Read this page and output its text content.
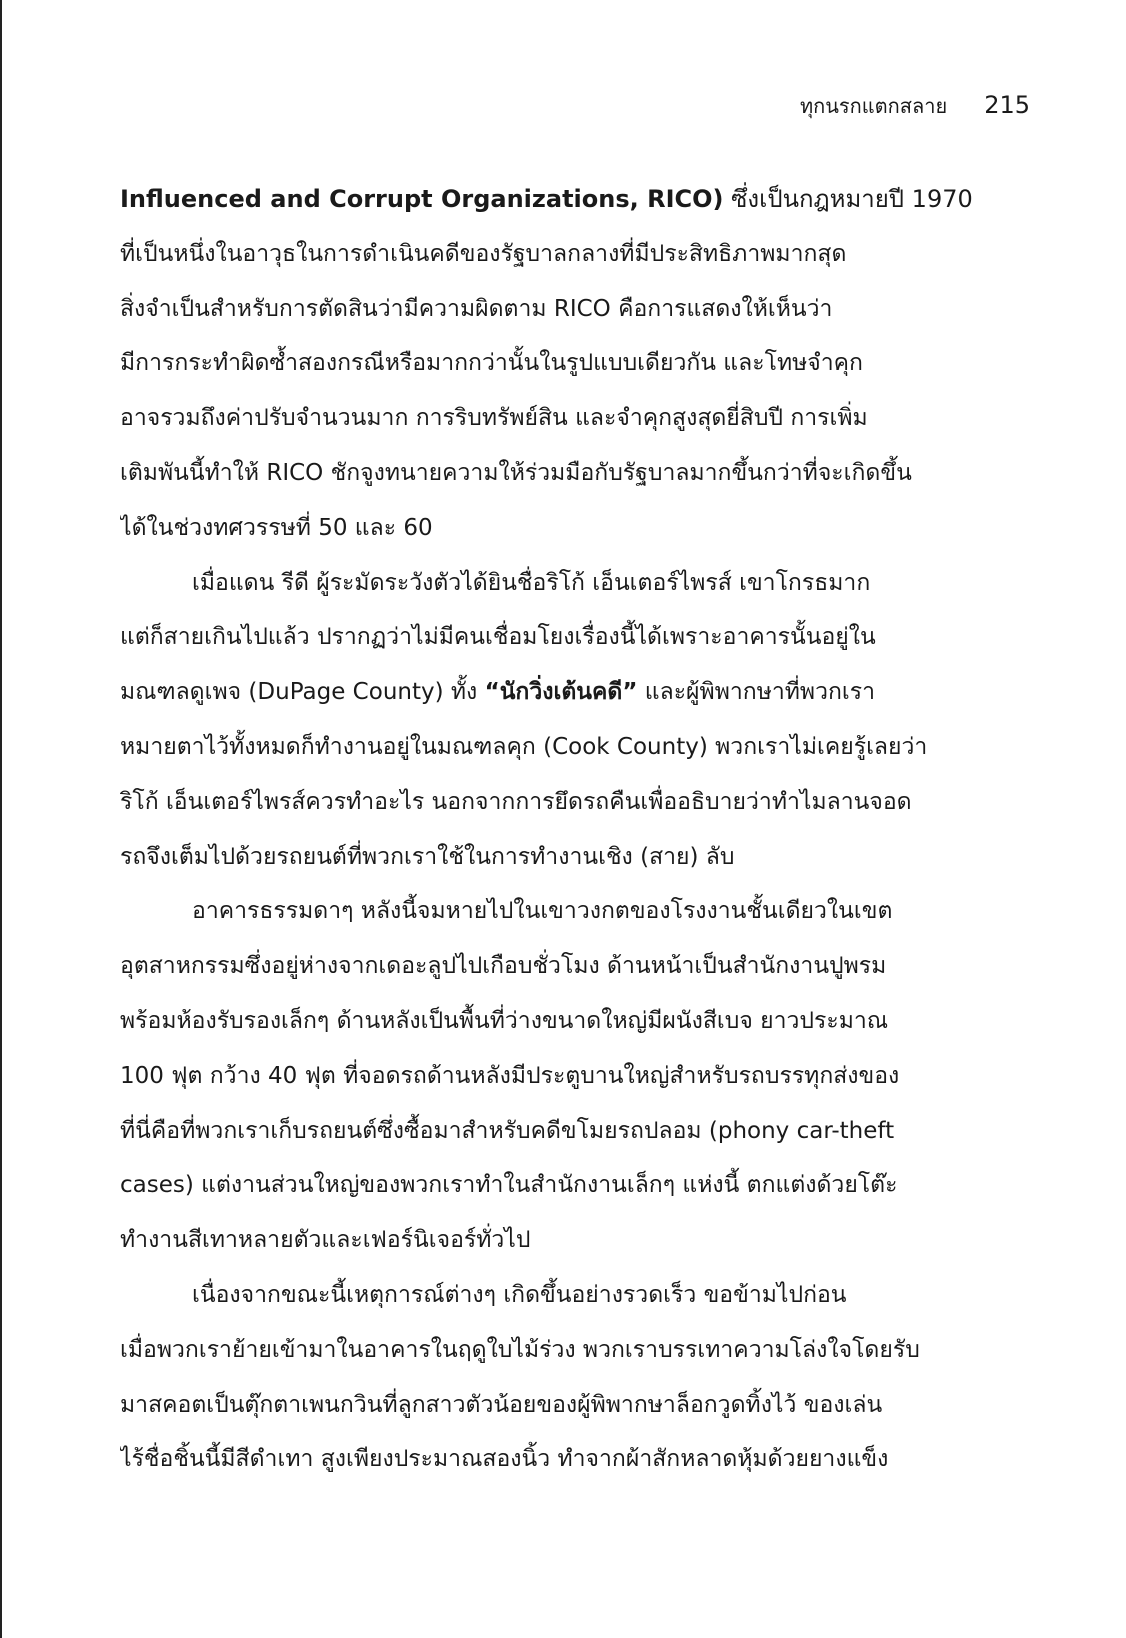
ทุกนรกแตกสลาย 215
Influenced and Corrupt Organizations, RICO) ซึ่งเป็นกฎหมายปี 1970
ที่เป็นหนึ่งในอาวุธในการดำเนินคดีของรัฐบาลกลางที่มีประสิทธิภาพมากสุด
สิ่งจำเป็นสำหรับการตัดสินว่ามีความผิดตาม RICO คือการแสดงให้เห็นว่า
มีการกระทำผิดซ้ำสองกรณีหรือมากกว่านั้นในรูปแบบเดียวกัน และโทษจำคุก
อาจรวมถึงค่าปรับจำนวนมาก การริบทรัพย์สิน และจำคุกสูงสุดยี่สิบปี การเพิ่ม
เติมพันนี้ทำให้ RICO ชักจูงทนายความให้ร่วมมือกับรัฐบาลมากขึ้นกว่าที่จะเกิดขึ้น
ได้ในช่วงทศวรรษที่ 50 และ 60
เมื่อแดน รีดี ผู้ระมัดระวังตัวได้ยินชื่อริโก้ เอ็นเตอร์ไพรส์ เขาโกรธมาก
แต่ก็สายเกินไปแล้ว ปรากฏว่าไม่มีคนเชื่อมโยงเรื่องนี้ได้เพราะอาคารนั้นอยู่ใน
มณฑลดูเพจ (DuPage County) ทั้ง “นักวิ่งเต้นคดี” และผู้พิพากษาที่พวกเรา
หมายตาไว้ทั้งหมดก็ทำงานอยู่ในมณฑลคุก (Cook County) พวกเราไม่เคยรู้เลยว่า
ริโก้ เอ็นเตอร์ไพรส์ควรทำอะไร นอกจากการยึดรถคืนเพื่ออธิบายว่าทำไมลานจอด
รถจึงเต็มไปด้วยรถยนต์ที่พวกเราใช้ในการทำงานเชิง (สาย) ลับ
อาคารธรรมดาๆ หลังนี้จมหายไปในเขาวงกตของโรงงานชั้นเดียวในเขต
อุตสาหกรรมซึ่งอยู่ห่างจากเดอะลูปไปเกือบชั่วโมง ด้านหน้าเป็นสำนักงานปูพรม
พร้อมห้องรับรองเล็กๆ ด้านหลังเป็นพื้นที่ว่างขนาดใหญ่มีผนังสีเบจ ยาวประมาณ
100 ฟุต กว้าง 40 ฟุต ที่จอดรถด้านหลังมีประตูบานใหญ่สำหรับรถบรรทุกส่งของ
ที่นี่คือที่พวกเราเก็บรถยนต์ซึ่งซื้อมาสำหรับคดีขโมยรถปลอม (phony car-theft
cases) แต่งานส่วนใหญ่ของพวกเราทำในสำนักงานเล็กๆ แห่งนี้ ตกแต่งด้วยโต๊ะ
ทำงานสีเทาหลายตัวและเฟอร์นิเจอร์ทั่วไป
เนื่องจากขณะนี้เหตุการณ์ต่างๆ เกิดขึ้นอย่างรวดเร็ว ขอข้ามไปก่อน
เมื่อพวกเราย้ายเข้ามาในอาคารในฤดูใบไม้ร่วง พวกเราบรรเทาความโล่งใจโดยรับ
มาสคอตเป็นตุ๊กตาเพนกวินที่ลูกสาวตัวน้อยของผู้พิพากษาล็อกวูดทิ้งไว้ ของเล่น
ไร้ชื่อชิ้นนี้มีสีดำเทา สูงเพียงประมาณสองนิ้ว ทำจากผ้าสักหลาดหุ้มด้วยยางแข็ง
